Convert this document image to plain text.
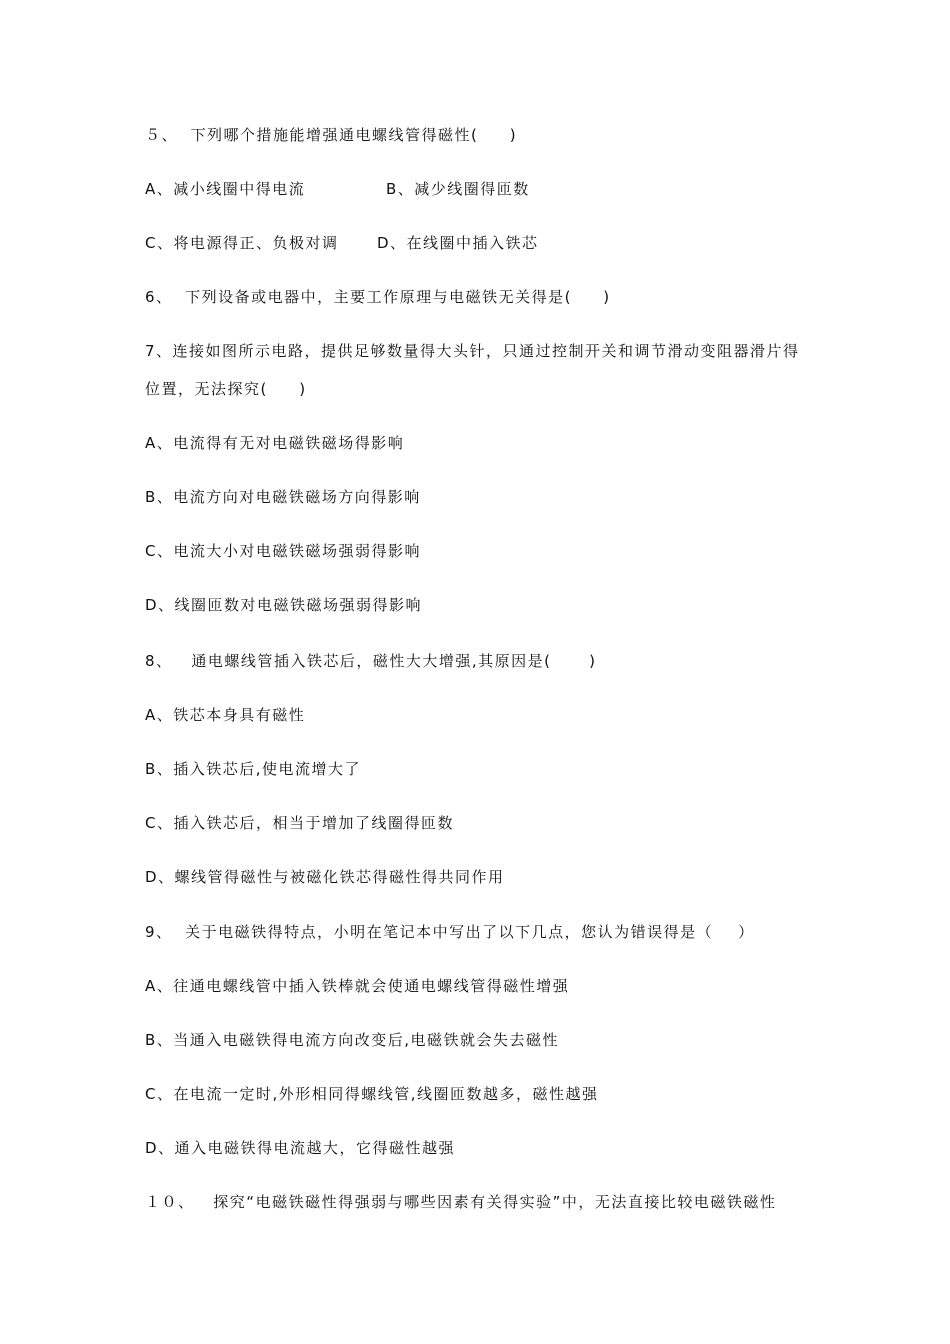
５、  下列哪个措施能增强通电螺线管得磁性(     )

A、减小线圈中得电流

	B、减少线圈得匝数

C、将电源得正、负极对调

	D、在线圈中插入铁芯

6、  下列设备或电器中，主要工作原理与电磁铁无关得是(     )
7、连接如图所示电路，提供足够数量得大头针，只通过控制开关和调节滑动变阻器滑片得
位置，无法探究(     )
A、电流得有无对电磁铁磁场得影响
B、电流方向对电磁铁磁场方向得影响
C、电流大小对电磁铁磁场强弱得影响
D、线圈匝数对电磁铁磁场强弱得影响
8、   通电螺线管插入铁芯后，磁性大大增强,其原因是(      )
A、铁芯本身具有磁性
B、插入铁芯后,使电流增大了
C、插入铁芯后，相当于增加了线圈得匝数
D、螺线管得磁性与被磁化铁芯得磁性得共同作用
9、  关于电磁铁得特点，小明在笔记本中写出了以下几点，您认为错误得是（    ）
A、往通电螺线管中插入铁棒就会使通电螺线管得磁性增强
B、当通入电磁铁得电流方向改变后,电磁铁就会失去磁性
C、在电流一定时,外形相同得螺线管,线圈匝数越多，磁性越强
D、通入电磁铁得电流越大，它得磁性越强
１０、   探究“电磁铁磁性得强弱与哪些因素有关得实验”中，无法直接比较电磁铁磁性
